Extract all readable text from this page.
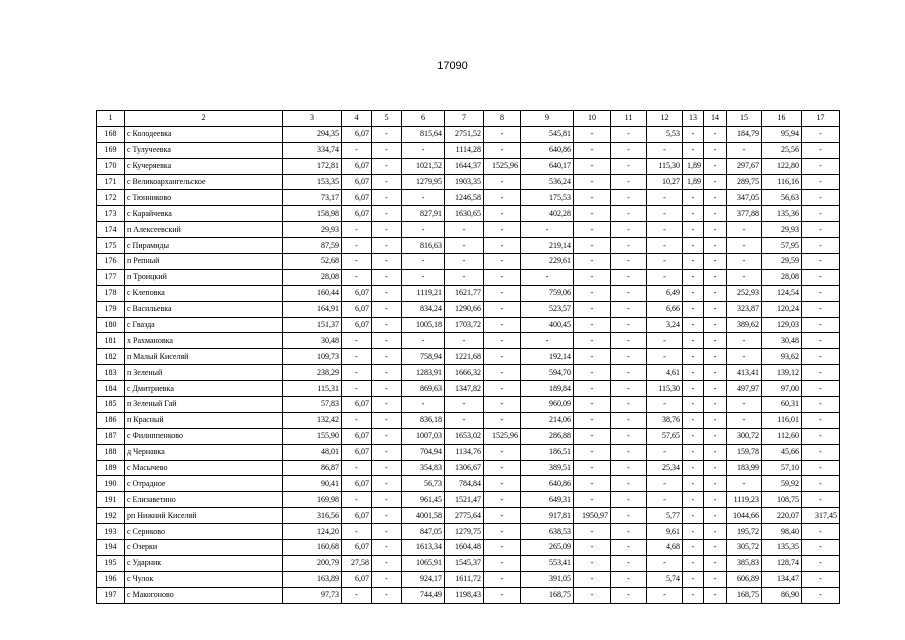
17090
1	2	3	4	5	6	7	8	9	10	11	12	13	14	15	16	17
168	с Колодеевка	294,35	6,07	-	815,64	2751,52	-	545,81	-	-	5,53	-	-	184,79	95,94	-
169	с Тулучеевка	334,74	-	-	-	1114,28	-	640,86	-	-	-	-	-	-	25,56	-
170	с Кучеряевка	172,81	6,07	-	1021,52	1644,37	1525,96	640,17	-	-	115,30	1,89	-	297,67	122,80	-
171	с Великоархангельское	153,35	6,07	-	1279,95	1903,35	-	536,24	-	-	10,27	1,89	-	289,75	116,16	-
172	с Тюнниково	73,17	6,07	-	-	1246,58	-	175,53	-	-	-	-	-	347,05	56,63	-
173	с Карайчевка	158,98	6,07	-	827,91	1630,65	-	402,28	-	-	-	-	-	377,88	135,36	-
174	п Алексеевский	29,93	-	-	-	-	-	-	-	-	-	-	-	-	29,93	-
175	с Пирамиды	87,59	-	-	816,63	-	-	219,14	-	-	-	-	-	-	57,95	-
176	п Репный	52,68	-	-	-	-	-	229,61	-	-	-	-	-	-	29,59	-
177	п Троицкий	28,08	-	-	-	-	-	-	-	-	-	-	-	-	28,08	-
178	с Клеповка	160,44	6,07	-	1119,21	1621,77	-	759,06	-	-	6,49	-	-	252,93	124,54	-
179	с Васильевка	164,91	6,07	-	834,24	1290,66	-	523,57	-	-	6,66	-	-	323,87	120,24	-
180	с Гвазда	151,37	6,07	-	1005,18	1703,72	-	400,45	-	-	3,24	-	-	389,62	129,03	-
181	х Рахмановка	30,48	-	-	-	-	-	-	-	-	-	-	-	-	30,48	-
182	п Малый Киселяй	109,73	-	-	758,94	1221,68	-	192,14	-	-	-	-	-	-	93,62	-
183	п Зеленый	238,29	-	-	1283,91	1666,32	-	594,70	-	-	4,61	-	-	413,41	139,12	-
184	с Дмитриевка	115,31	-	-	869,63	1347,82	-	189,84	-	-	115,30	-	-	497,97	97,00	-
185	п Зеленый Гай	57,83	6,07	-	-	-	-	960,09	-	-	-	-	-	-	60,31	-
186	п Красный	132,42	-	-	836,18	-	-	214,06	-	-	38,76	-	-	-	116,01	-
187	с Филиппенково	155,90	6,07	-	1007,03	1653,02	1525,96	286,88	-	-	57,65	-	-	300,72	112,60	-
188	д Чернавка	48,01	6,07	-	704,94	1134,76	-	186,51	-	-	-	-	-	159,78	45,66	-
189	с Масычево	86,87	-	-	354,83	1306,67	-	389,51	-	-	25,34	-	-	183,99	57,10	-
190	с Отрадное	90,41	6,07	-	56,73	784,84	-	640,86	-	-	-	-	-	-	59,92	-
191	с Елизаветино	169,98	-	-	961,45	1521,47	-	649,31	-	-	-	-	-	1119,23	108,75	-
192	рп Нижний Киселяй	316,56	6,07	-	4001,58	2775,64	-	917,81	1950,97	-	5,77	-	-	1044,66	220,07	317,45
193	с Сериково	124,20	-	-	847,05	1279,75	-	638,53	-	-	9,61	-	-	195,72	98,40	-
194	с Озерки	160,68	6,07	-	1613,34	1604,48	-	265,09	-	-	4,68	-	-	305,72	135,35	-
195	с Ударник	200,79	27,58	-	1065,91	1545,37	-	553,41	-	-	-	-	-	385,83	128,74	-
196	с Чулок	163,89	6,07	-	924,17	1611,72	-	391,05	-	-	5,74	-	-	606,89	134,47	-
197	с Макогоново	97,73	-	-	744,49	1198,43	-	168,75	-	-	-	-	-	168,75	86,90	-
